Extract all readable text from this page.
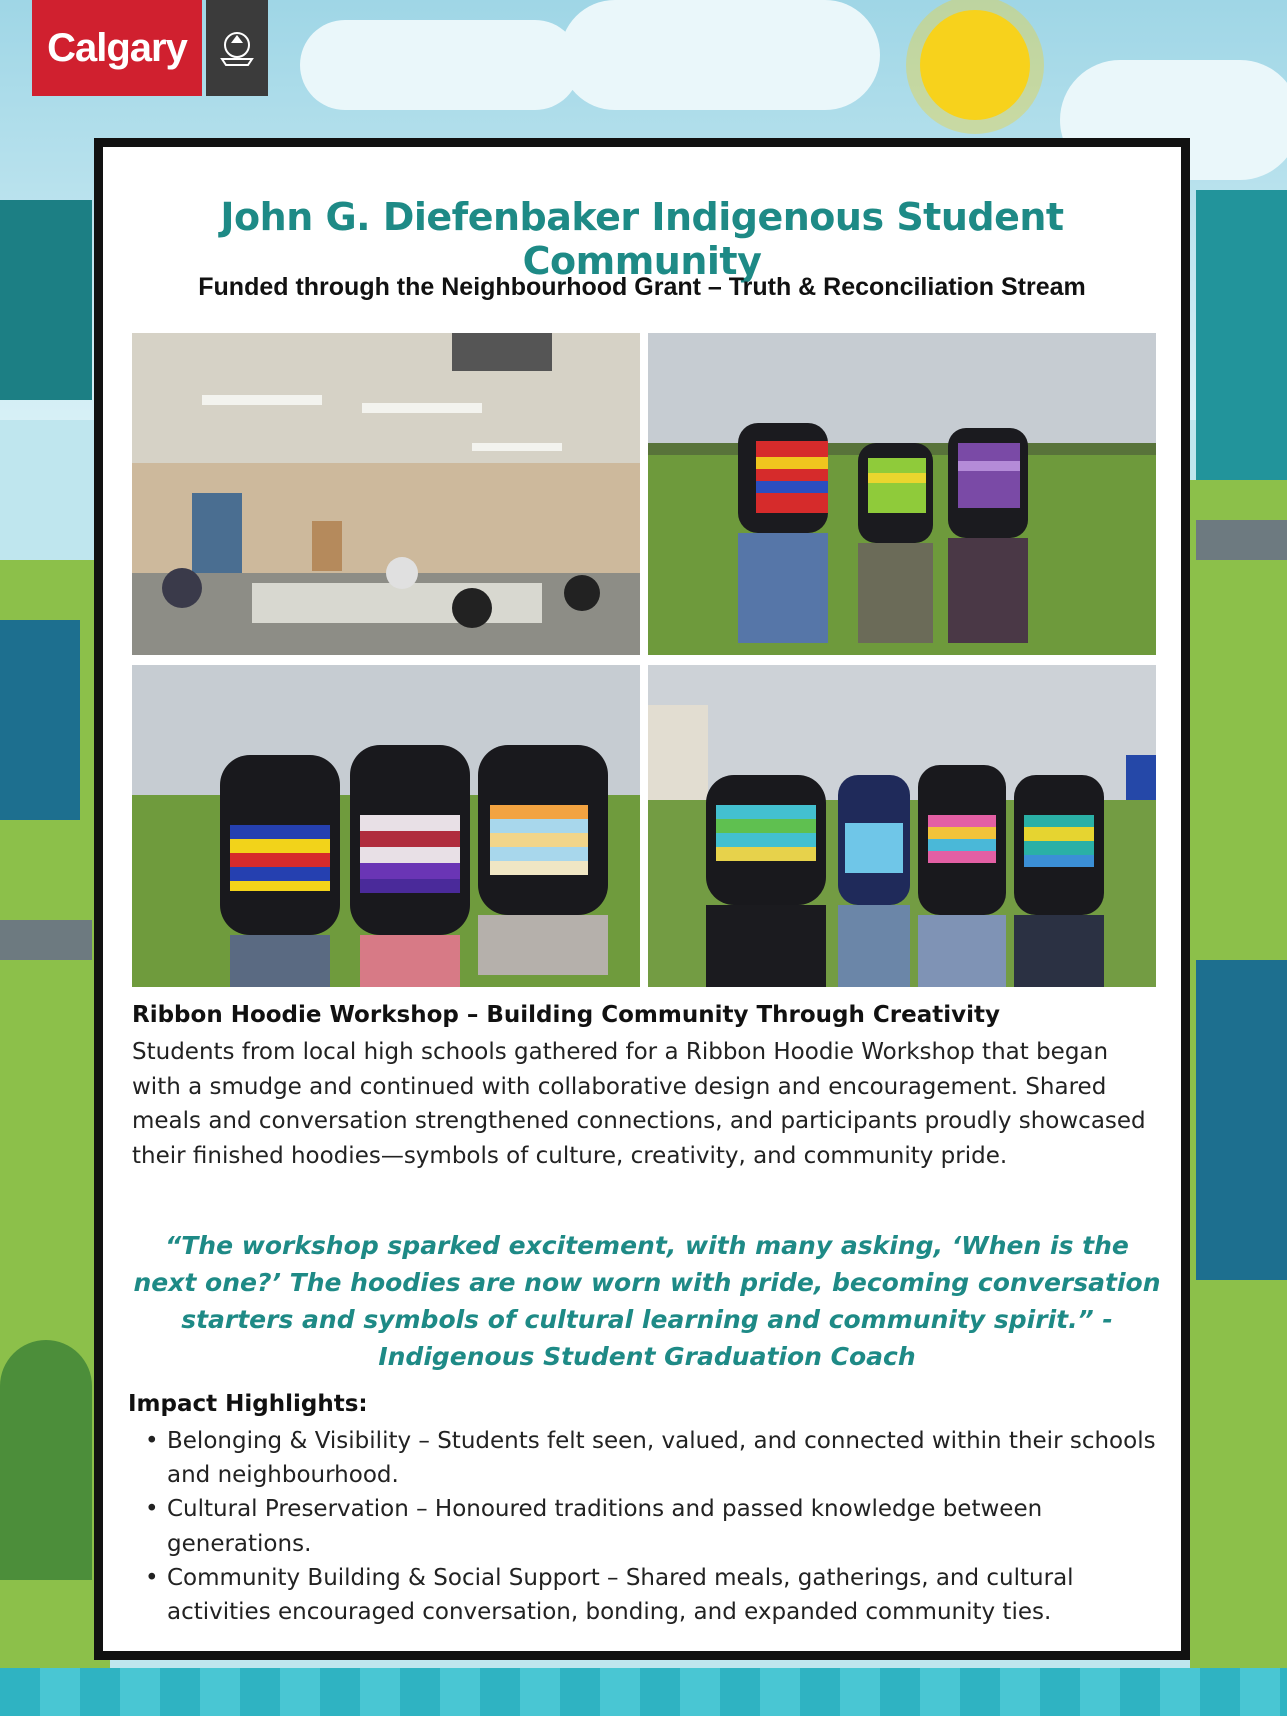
Calgary
John G. Diefenbaker Indigenous Student Community
Funded through the Neighbourhood Grant – Truth & Reconciliation Stream
Ribbon Hoodie Workshop – Building Community Through Creativity
Students from local high schools gathered for a Ribbon Hoodie Workshop that began with a smudge and continued with collaborative design and encouragement. Shared meals and conversation strengthened connections, and participants proudly showcased their finished hoodies—symbols of culture, creativity, and community pride.
“The workshop sparked excitement, with many asking, ‘When is the next one?’ The hoodies are now worn with pride, becoming conversation starters and symbols of cultural learning and community spirit.” - Indigenous Student Graduation Coach
Impact Highlights:
• Belonging & Visibility – Students felt seen, valued, and connected within their schools and neighbourhood.
• Cultural Preservation – Honoured traditions and passed knowledge between generations.
• Community Building & Social Support – Shared meals, gatherings, and cultural activities encouraged conversation, bonding, and expanded community ties.
